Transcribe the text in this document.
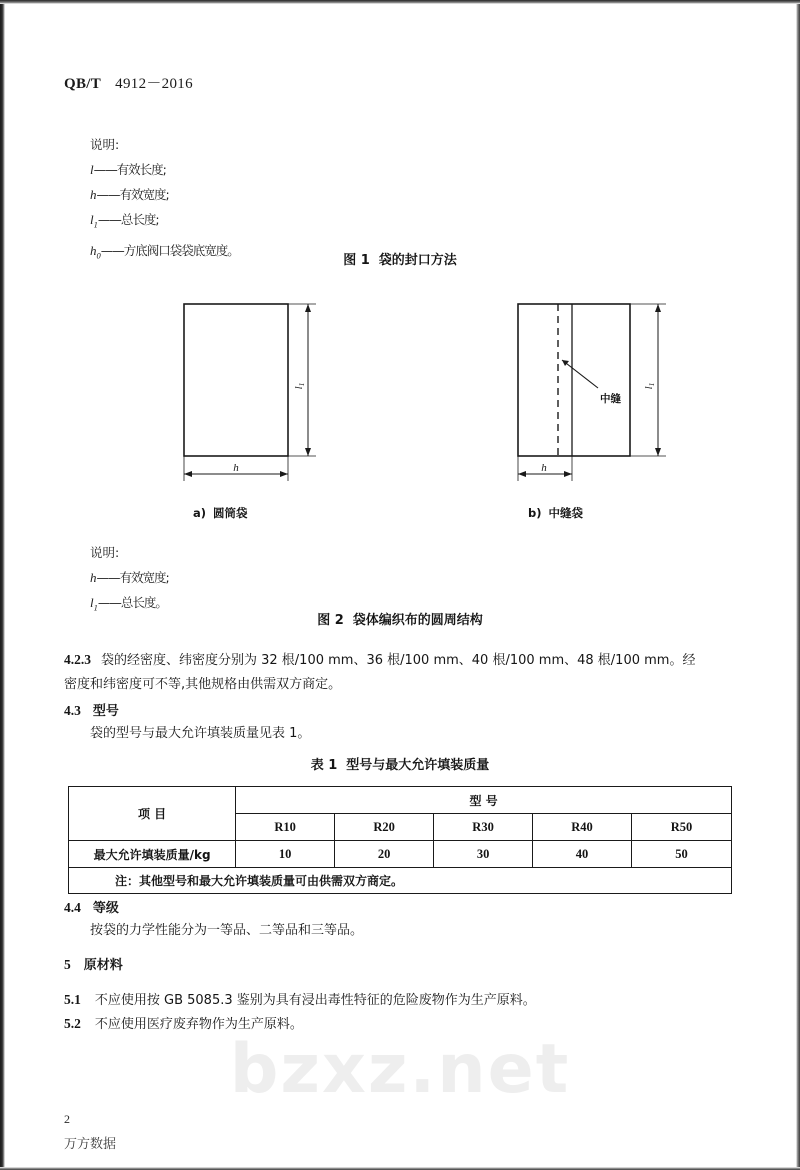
QB/T 4912－2016
说明:
l——有效长度;
h——有效宽度;
$l_1——$总长度;
$h_0——$方底阀口袋袋底宽度。
图 1 袋的封口方法
l1
h
中缝
l1
h
a) 圆筒袋	b) 中缝袋
说明:
h——有效宽度;
$l_1——$总长度。
图 2 袋体编织布的圆周结构
4.2.3 袋的经密度、纬密度分别为 32 根/100 mm、36 根/100 mm、40 根/100 mm、48 根/100 mm。经
密度和纬密度可不等,其他规格由供需双方商定。
4.3 型号
袋的型号与最大允许填装质量见表 1。
表 1 型号与最大允许填装质量
项 目	型 号				
	R10	R20	R30	R40	R50
最大允许填装质量/kg	10	20	30	40	50
注：其他型号和最大允许填装质量可由供需双方商定。					
4.4 等级
按袋的力学性能分为一等品、二等品和三等品。
5 原材料
5.1 不应使用按 GB 5085.3 鉴别为具有浸出毒性特征的危险废物作为生产原料。
5.2 不应使用医疗废弃物作为生产原料。
bzxz.net
2
万方数据
